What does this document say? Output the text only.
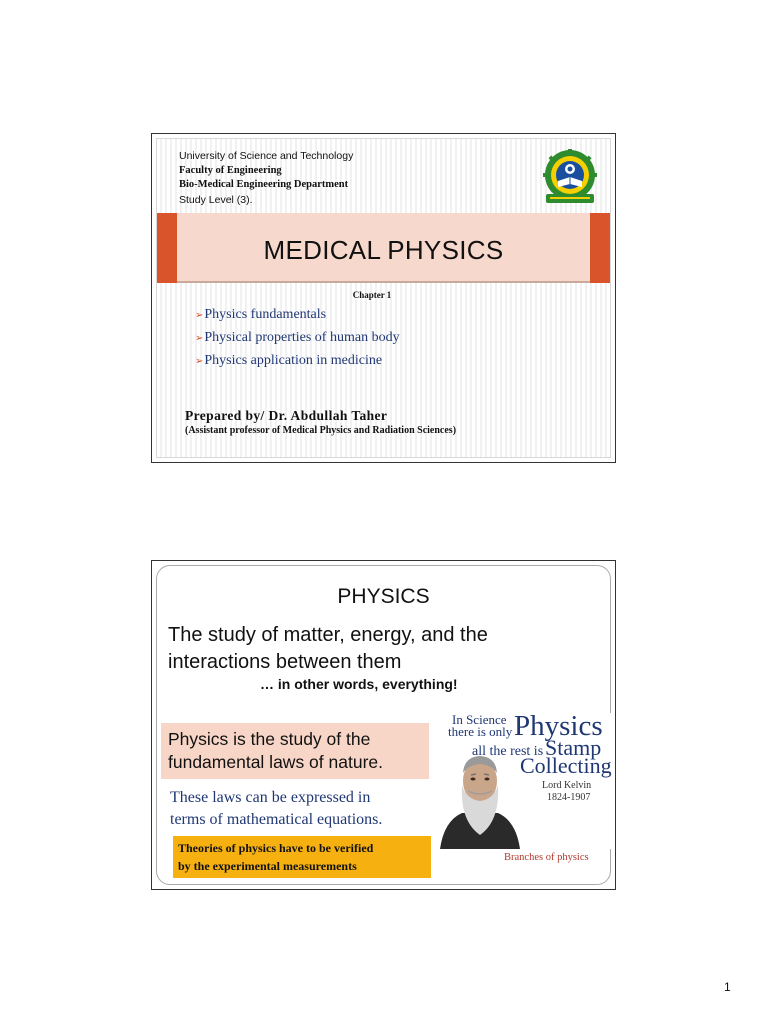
University of Science and Technology
Faculty of Engineering
Bio-Medical Engineering Department
Study Level (3).
MEDICAL PHYSICS
Chapter 1
➢Physics fundamentals
➢Physical properties of human body
➢Physics application in medicine
Prepared by/ Dr. Abdullah Taher
(Assistant professor of Medical Physics and Radiation Sciences)
PHYSICS
The study of matter, energy, and the
interactions between them
… in other words, everything!
Physics is the study of the
fundamental laws of nature.
These laws can be expressed in
terms of mathematical equations.
Theories of physics have to be verified
by the experimental measurements
In Science
there is only Physics
all the rest is Stamp
Collecting
Lord Kelvin
1824-1907
Branches of physics
1
